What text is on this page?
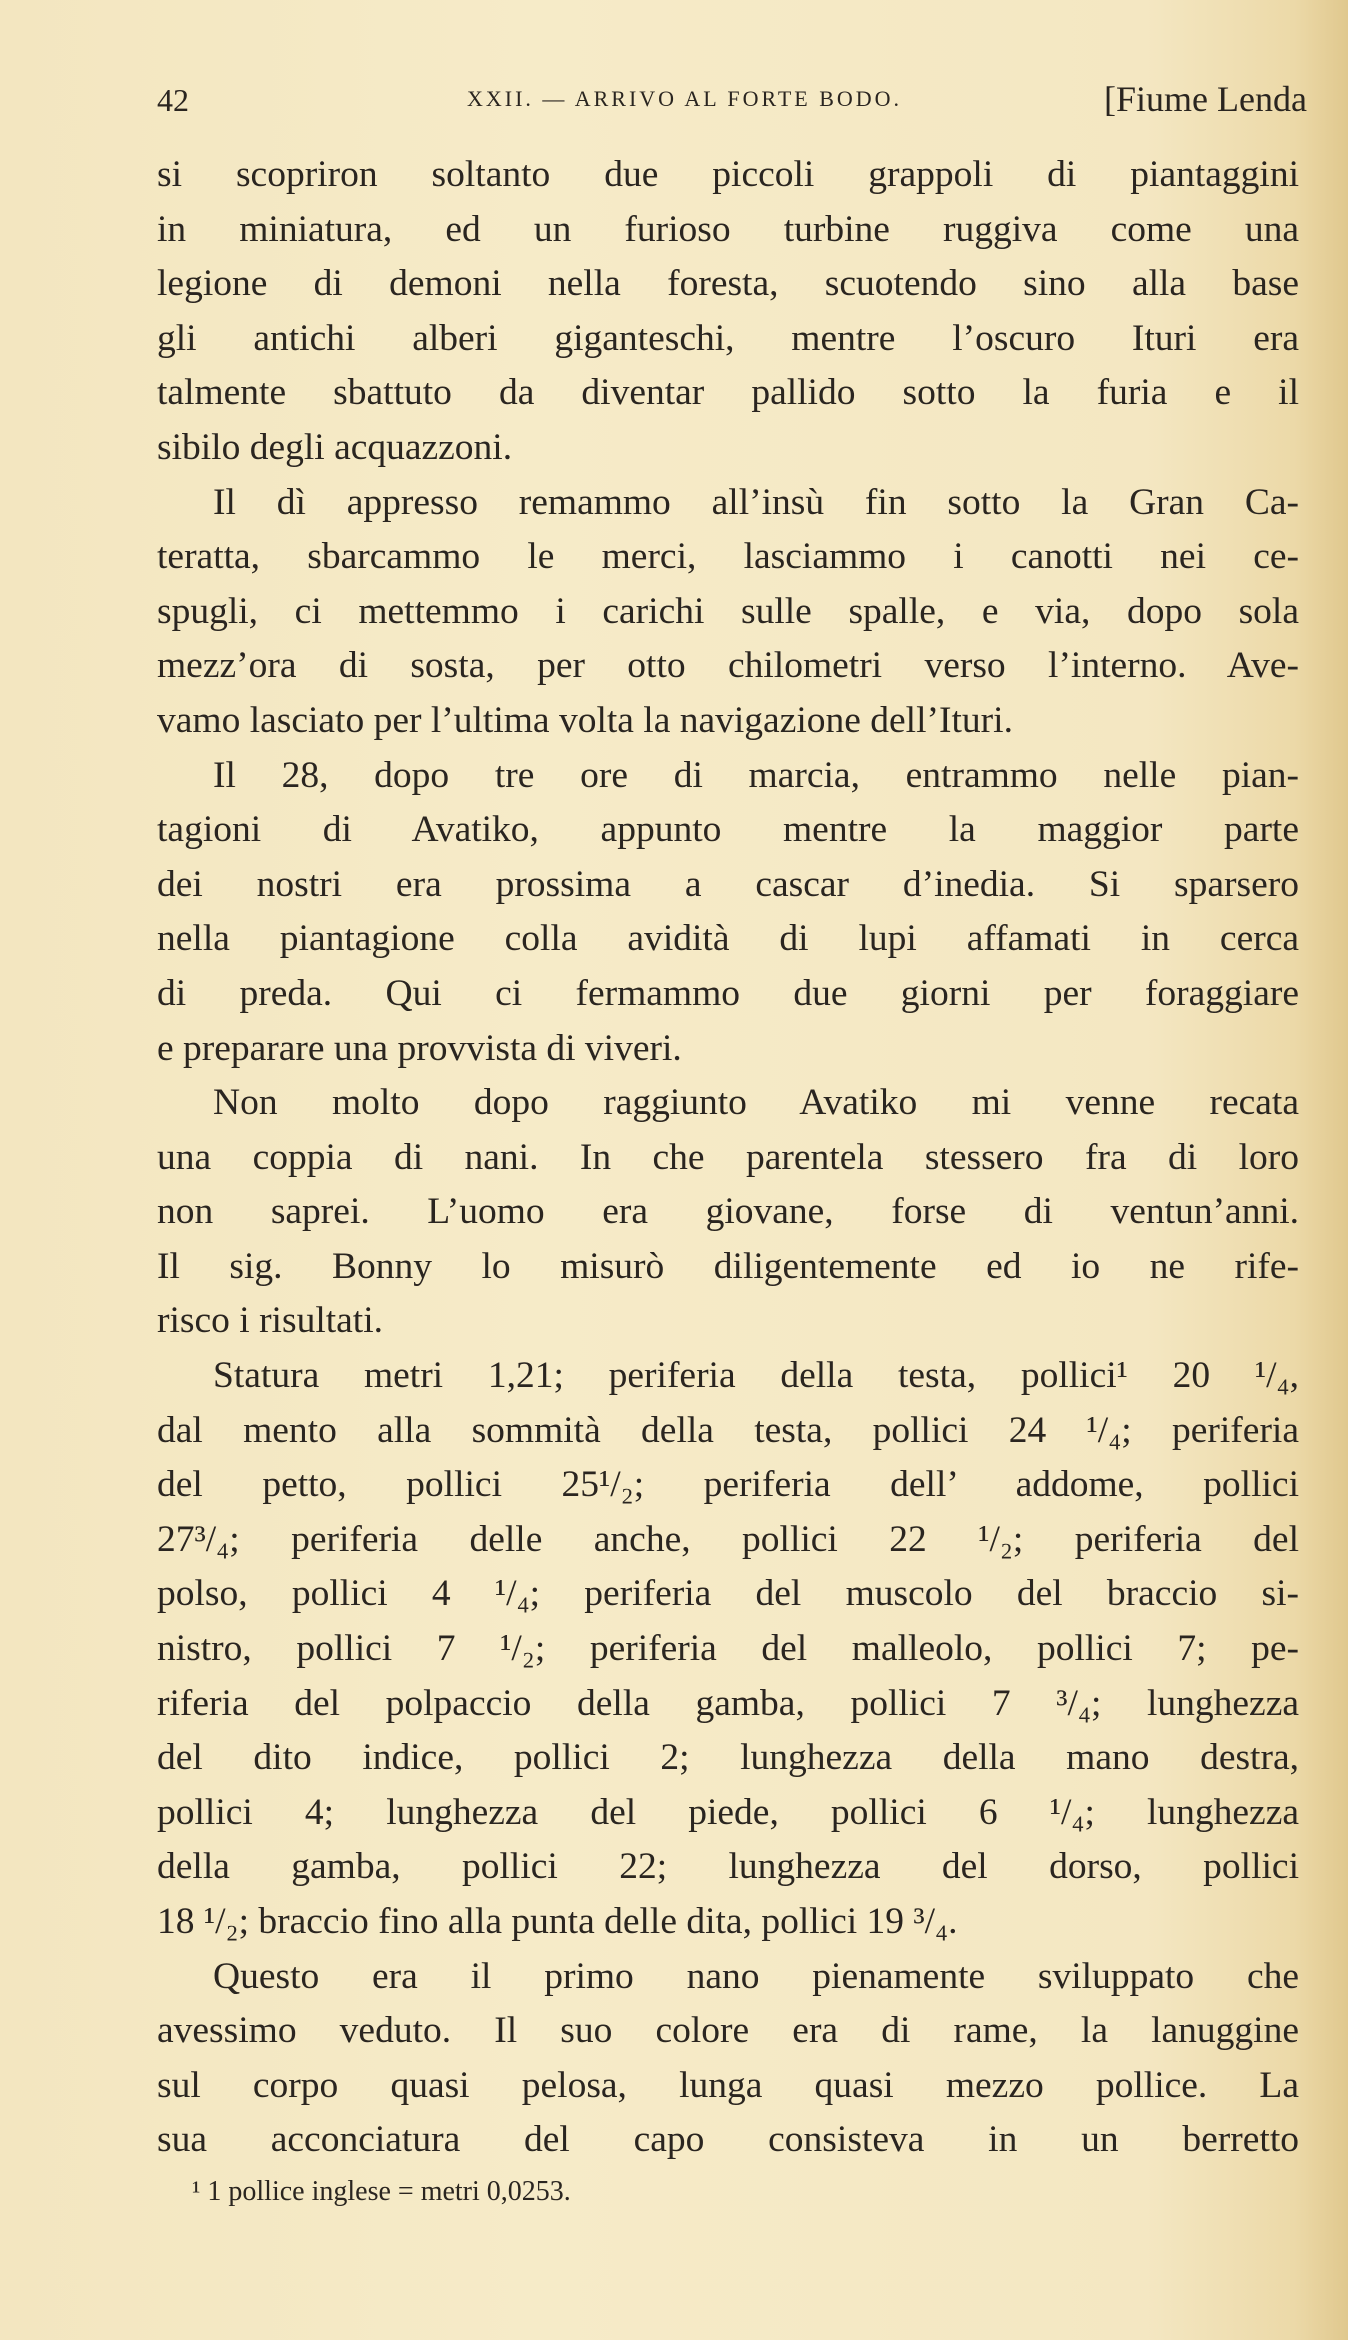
42	XXII. — ARRIVO AL FORTE BODO.	[Fiume Lenda
si scopriron soltanto due piccoli grappoli di piantaggini
in miniatura, ed un furioso turbine ruggiva come una
legione di demoni nella foresta, scuotendo sino alla base
gli antichi alberi giganteschi, mentre l’oscuro Ituri era
talmente sbattuto da diventar pallido sotto la furia e il
sibilo degli acquazzoni.
Il dì appresso remammo all’insù fin sotto la Gran Ca-
teratta, sbarcammo le merci, lasciammo i canotti nei ce-
spugli, ci mettemmo i carichi sulle spalle, e via, dopo sola
mezz’ora di sosta, per otto chilometri verso l’interno. Ave-
vamo lasciato per l’ultima volta la navigazione dell’Ituri.
Il 28, dopo tre ore di marcia, entrammo nelle pian-
tagioni di Avatiko, appunto mentre la maggior parte
dei nostri era prossima a cascar d’inedia. Si sparsero
nella piantagione colla avidità di lupi affamati in cerca
di preda. Qui ci fermammo due giorni per foraggiare
e preparare una provvista di viveri.
Non molto dopo raggiunto Avatiko mi venne recata
una coppia di nani. In che parentela stessero fra di loro
non saprei. L’uomo era giovane, forse di ventun’anni.
Il sig. Bonny lo misurò diligentemente ed io ne rife-
risco i risultati.
Statura metri 1,21; periferia della testa, pollici¹ 20 ¹/₄,
dal mento alla sommità della testa, pollici 24 ¹/₄; periferia
del petto, pollici 25¹/₂; periferia dell’ addome, pollici
27³/₄; periferia delle anche, pollici 22 ¹/₂; periferia del
polso, pollici 4 ¹/₄; periferia del muscolo del braccio si-
nistro, pollici 7 ¹/₂; periferia del malleolo, pollici 7; pe-
riferia del polpaccio della gamba, pollici 7 ³/₄; lunghezza
del dito indice, pollici 2; lunghezza della mano destra,
pollici 4; lunghezza del piede, pollici 6 ¹/₄; lunghezza
della gamba, pollici 22; lunghezza del dorso, pollici
18 ¹/₂; braccio fino alla punta delle dita, pollici 19 ³/₄.
Questo era il primo nano pienamente sviluppato che
avessimo veduto. Il suo colore era di rame, la lanuggine
sul corpo quasi pelosa, lunga quasi mezzo pollice. La
sua acconciatura del capo consisteva in un berretto
¹ 1 pollice inglese = metri 0,0253.
